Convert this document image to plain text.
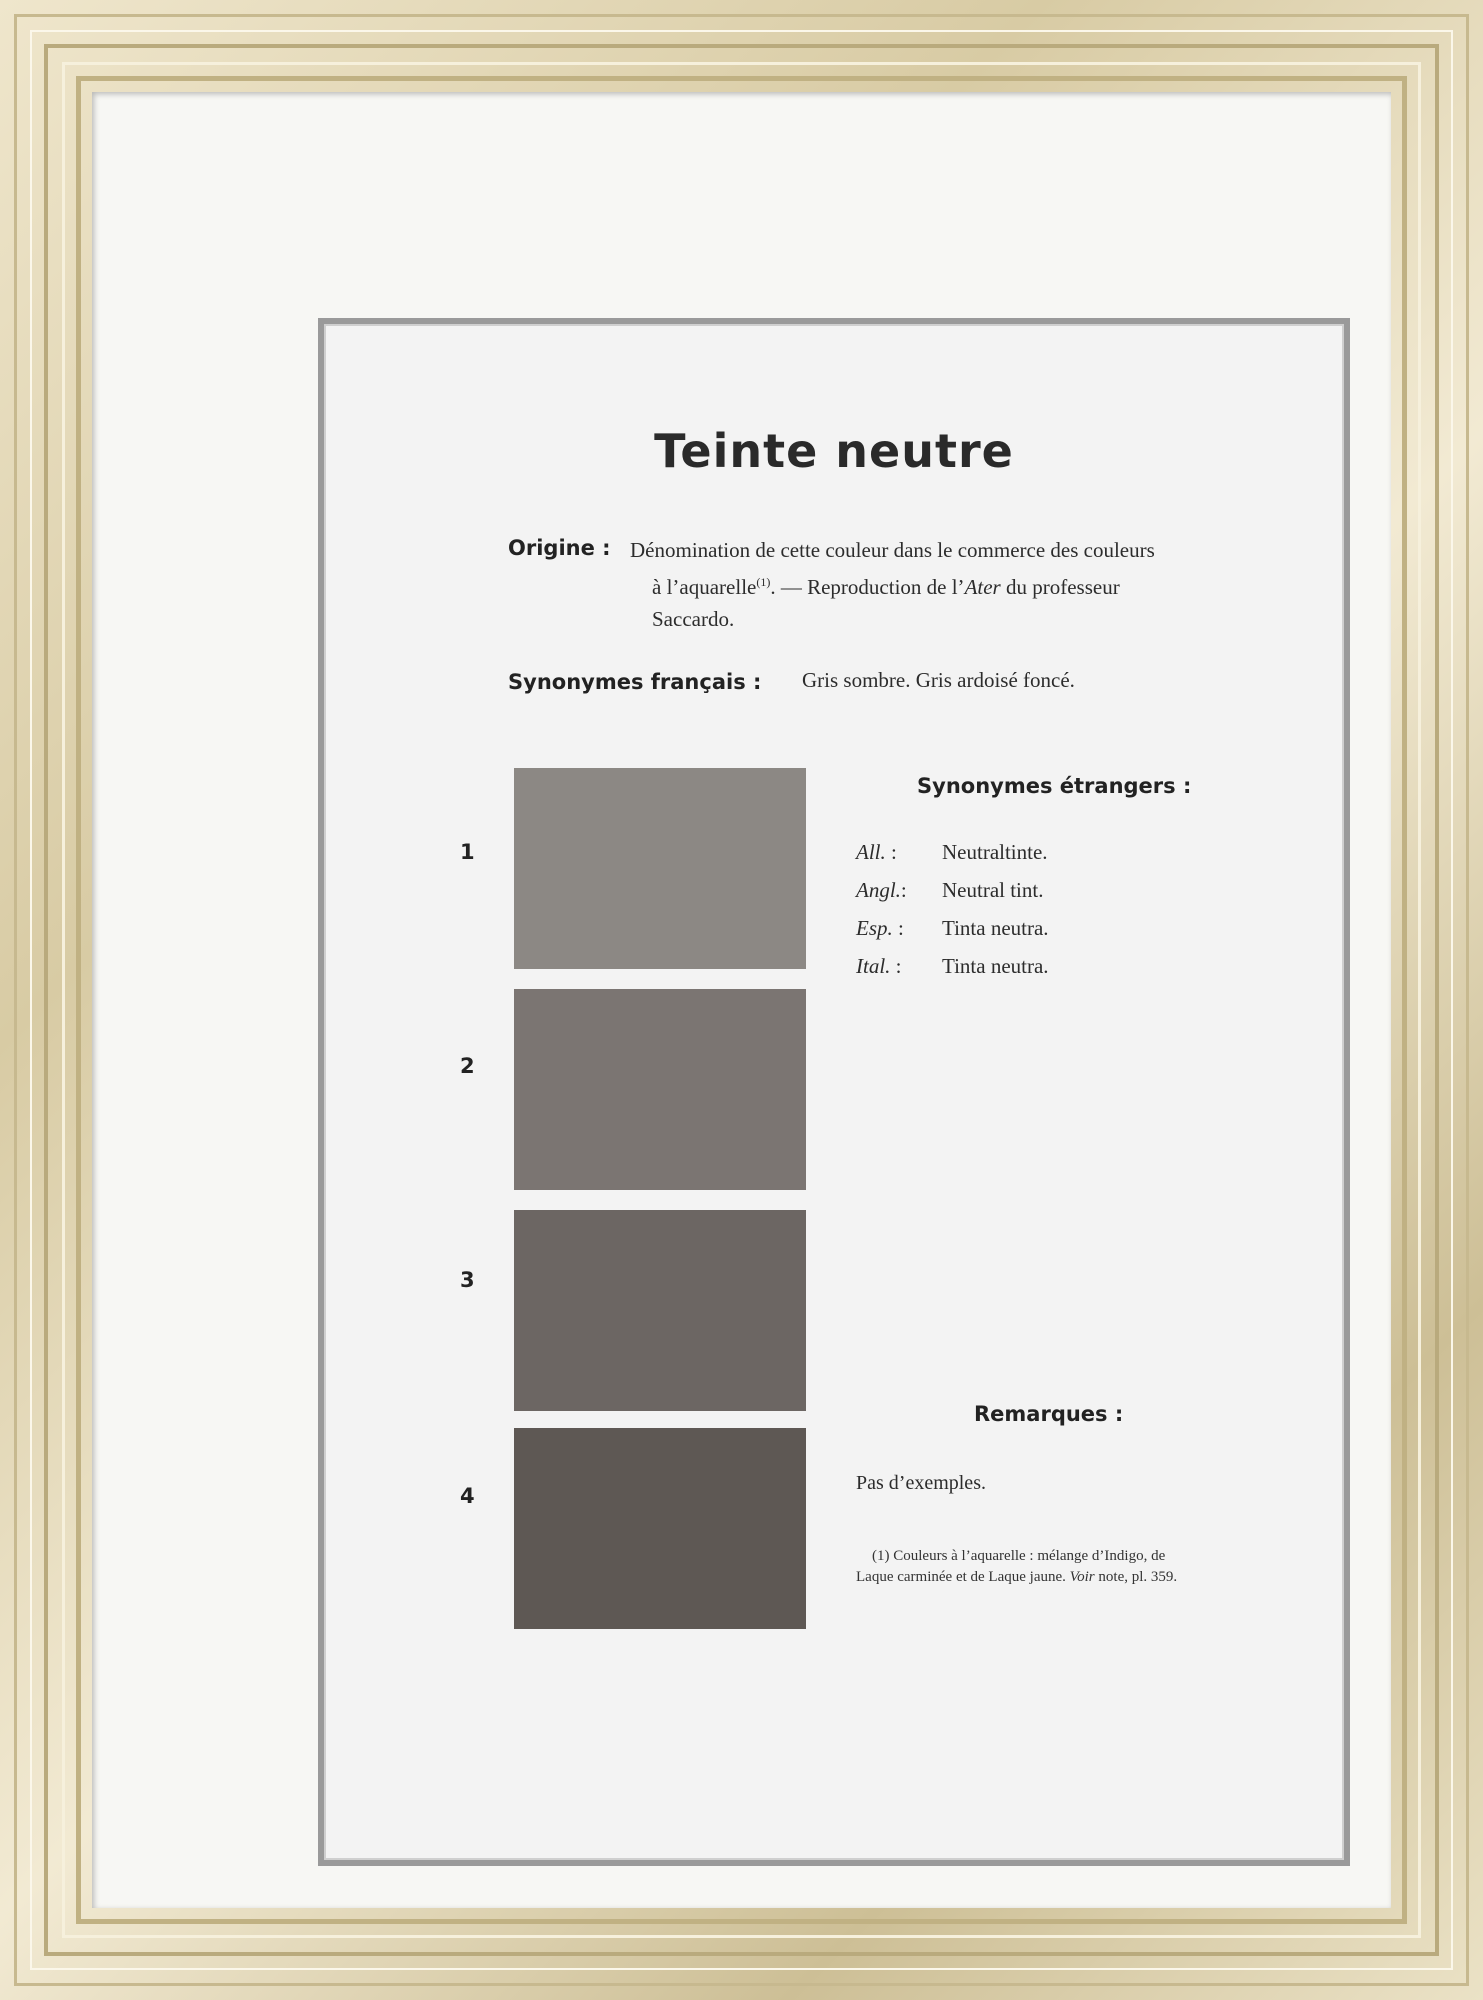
Teinte neutre
Origine : Dénomination de cette couleur dans le commerce des couleurs
à l’aquarelle$^{(1)}$. — Reproduction de l’Ater du professeur
Saccardo.
Synonymes français : Gris sombre. Gris ardoisé foncé.
1
2
3
4
Synonymes étrangers :
All. :	Neutraltinte.
Angl.:	Neutral tint.
Esp. :	Tinta neutra.
Ital. :	Tinta neutra.
Remarques :
Pas d’exemples.
(1) Couleurs à l’aquarelle : mélange d’Indigo, de
Laque carminée et de Laque jaune. Voir note, pl. 359.
